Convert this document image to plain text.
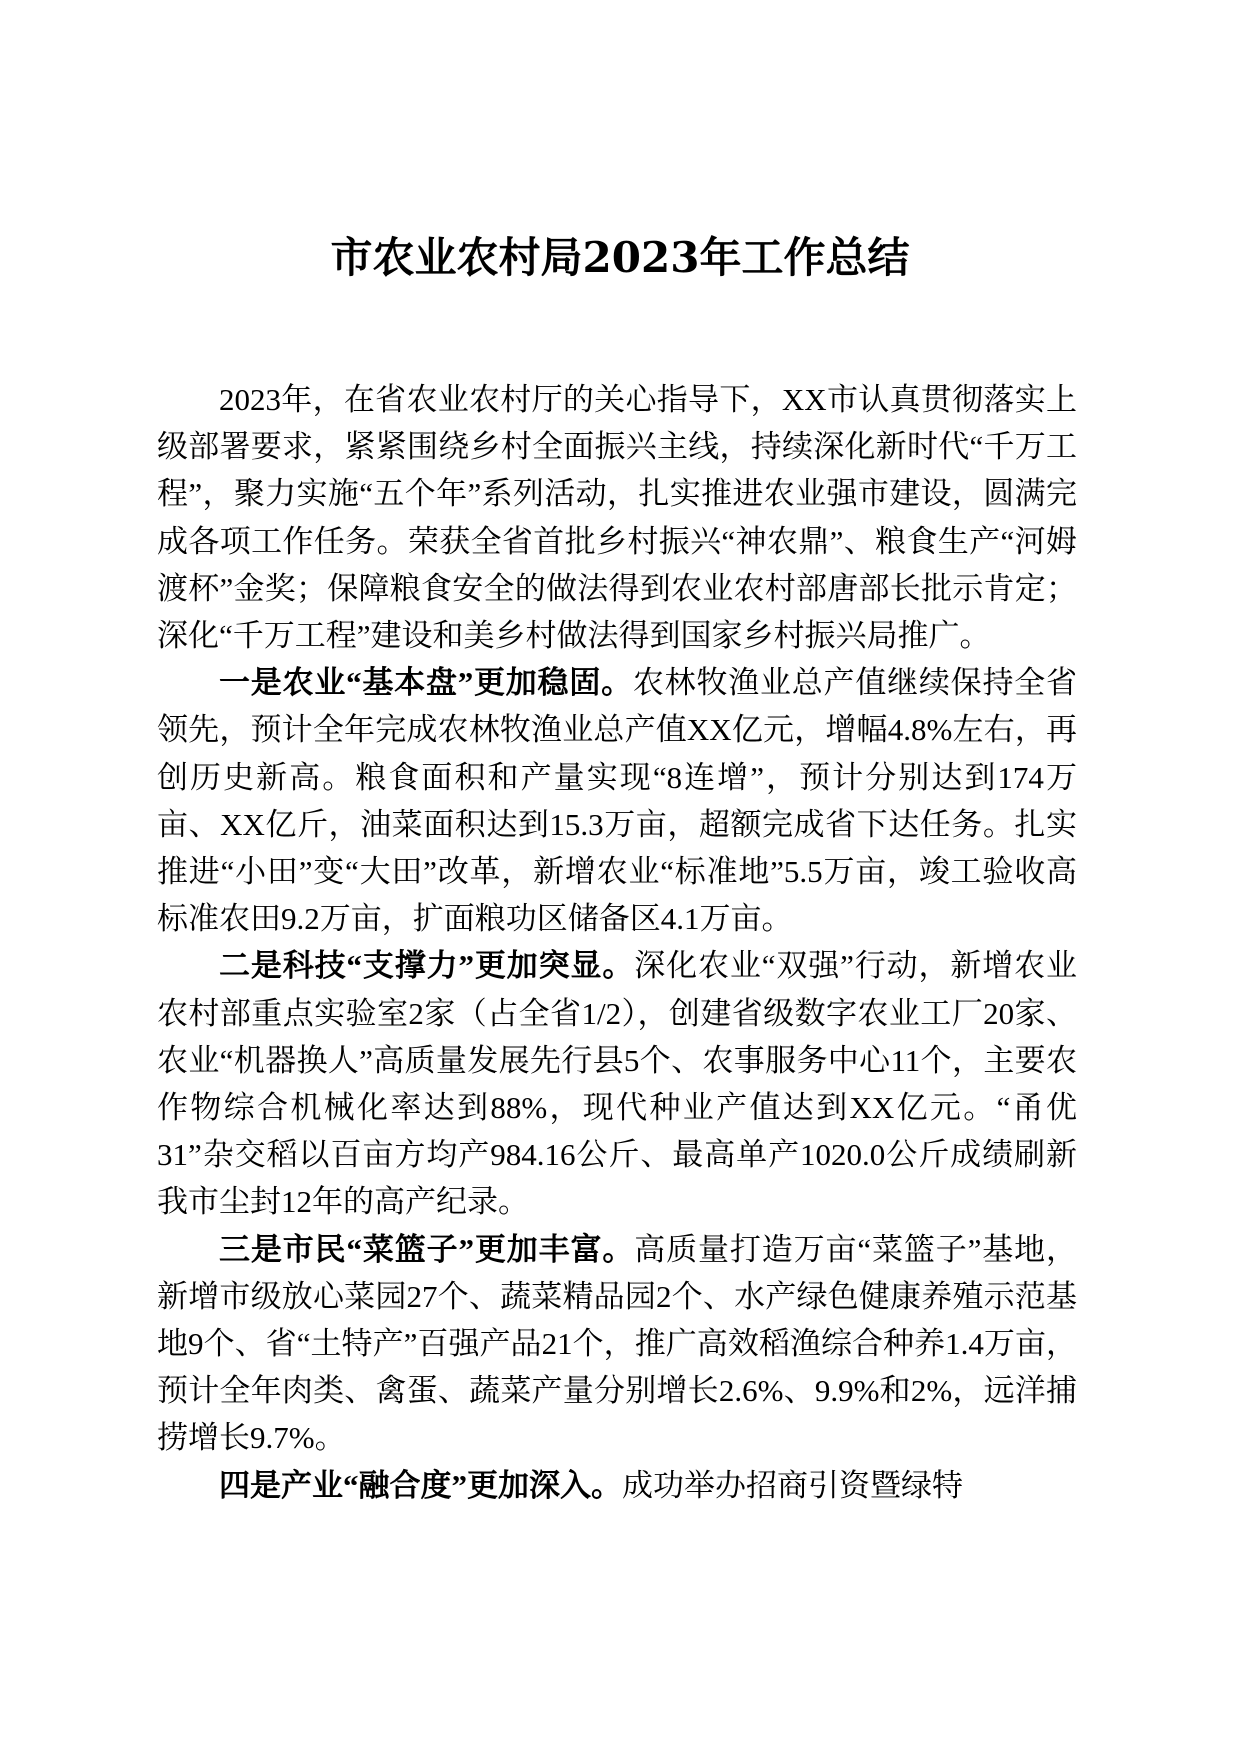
市农业农村局2023年工作总结

2023年，在省农业农村厅的关心指导下，XX市认真贯彻落实上级部署要求，紧紧围绕乡村全面振兴主线，持续深化新时代“千万工程”，聚力实施“五个年”系列活动，扎实推进农业强市建设，圆满完成各项工作任务。荣获全省首批乡村振兴“神农鼎”、粮食生产“河姆渡杯”金奖；保障粮食安全的做法得到农业农村部唐部长批示肯定；深化“千万工程”建设和美乡村做法得到国家乡村振兴局推广。

一是农业“基本盘”更加稳固。农林牧渔业总产值继续保持全省领先，预计全年完成农林牧渔业总产值XX亿元，增幅4.8%左右，再创历史新高。粮食面积和产量实现“8连增”，预计分别达到174万亩、XX亿斤，油菜面积达到15.3万亩，超额完成省下达任务。扎实推进“小田”变“大田”改革，新增农业“标准地”5.5万亩，竣工验收高标准农田9.2万亩，扩面粮功区储备区4.1万亩。

二是科技“支撑力”更加突显。深化农业“双强”行动，新增农业农村部重点实验室2家（占全省1/2），创建省级数字农业工厂20家、农业“机器换人”高质量发展先行县5个、农事服务中心11个，主要农作物综合机械化率达到88%，现代种业产值达到XX亿元。“甬优31”杂交稻以百亩方均产984.16公斤、最高单产1020.0公斤成绩刷新我市尘封12年的高产纪录。

三是市民“菜篮子”更加丰富。高质量打造万亩“菜篮子”基地，新增市级放心菜园27个、蔬菜精品园2个、水产绿色健康养殖示范基地9个、省“土特产”百强产品21个，推广高效稻渔综合种养1.4万亩，预计全年肉类、禽蛋、蔬菜产量分别增长2.6%、9.9%和2%，远洋捕捞增长9.7%。

四是产业“融合度”更加深入。成功举办招商引资暨绿特
